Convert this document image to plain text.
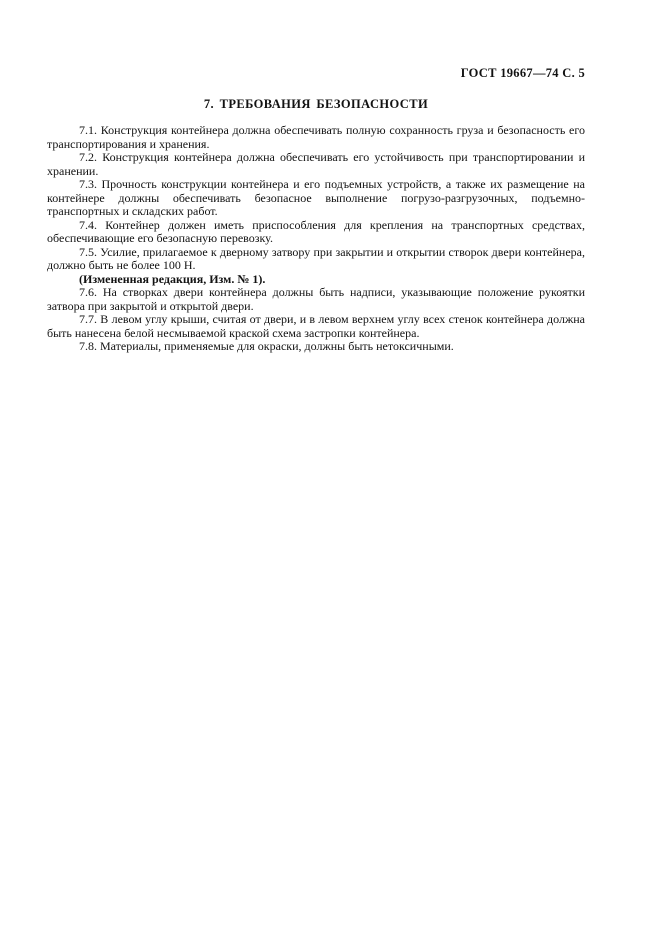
ГОСТ 19667—74 С. 5
7. ТРЕБОВАНИЯ БЕЗОПАСНОСТИ

7.1. Конструкция контейнера должна обеспечивать полную сохранность груза и безопасность его транспортирования и хранения.

7.2. Конструкция контейнера должна обеспечивать его устойчивость при транспортировании и хранении.

7.3. Прочность конструкции контейнера и его подъемных устройств, а также их размещение на контейнере должны обеспечивать безопасное выполнение погрузо-разгрузочных, подъемно-транспортных и складских работ.

7.4. Контейнер должен иметь приспособления для крепления на транспортных средствах, обеспечивающие его безопасную перевозку.

7.5. Усилие, прилагаемое к дверному затвору при закрытии и открытии створок двери контейнера, должно быть не более 100 Н.

(Измененная редакция, Изм. № 1).

7.6. На створках двери контейнера должны быть надписи, указывающие положение рукоятки затвора при закрытой и открытой двери.

7.7. В левом углу крыши, считая от двери, и в левом верхнем углу всех стенок контейнера должна быть нанесена белой несмываемой краской схема застропки контейнера.

7.8. Материалы, применяемые для окраски, должны быть нетоксичными.
